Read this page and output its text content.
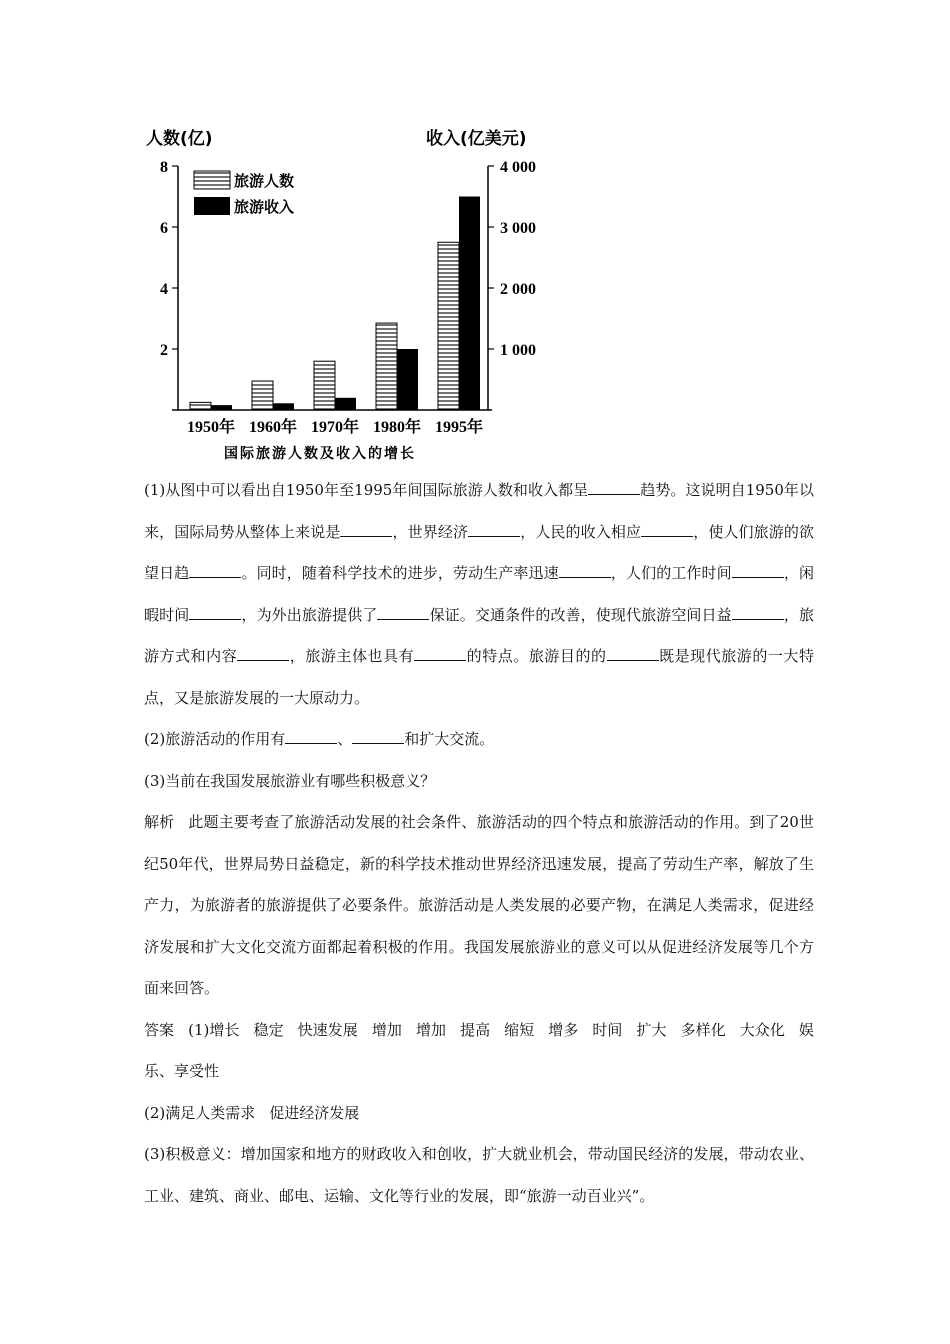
人数(亿)	收入(亿美元)
8
6
4
2
4 000
3 000
2 000
1 000
1950年 1960年 1970年 1980年 1995年
旅游人数
旅游收入
国际旅游人数及收入的增长

(1)从图中可以看出自1950年至1995年间国际旅游人数和收入都呈	趋势。这说明自1950年以来，国际局势从整体上来说是	，世界经济	，人民的收入相应	，使人们旅游的欲望日趋	。同时，随着科学技术的进步，劳动生产率迅速	，人们的工作时间	，闲暇时间	，为外出旅游提供了	保证。交通条件的改善，使现代旅游空间日益	，旅游方式和内容	，旅游主体也具有	的特点。旅游目的的	既是现代旅游的一大特点，又是旅游发展的一大原动力。

(2)旅游活动的作用有	、	和扩大交流。

(3)当前在我国发展旅游业有哪些积极意义？

解析 此题主要考查了旅游活动发展的社会条件、旅游活动的四个特点和旅游活动的作用。到了20世纪50年代，世界局势日益稳定，新的科学技术推动世界经济迅速发展，提高了劳动生产率，解放了生产力，为旅游者的旅游提供了必要条件。旅游活动是人类发展的必要产物，在满足人类需求，促进经济发展和扩大文化交流方面都起着积极的作用。我国发展旅游业的意义可以从促进经济发展等几个方面来回答。

答案 (1)增长 稳定 快速发展 增加 增加 提高 缩短 增多 时间 扩大 多样化 大众化 娱乐、享受性

(2)满足人类需求 促进经济发展

(3)积极意义：增加国家和地方的财政收入和创收，扩大就业机会，带动国民经济的发展，带动农业、工业、建筑、商业、邮电、运输、文化等行业的发展，即“旅游一动百业兴”。
